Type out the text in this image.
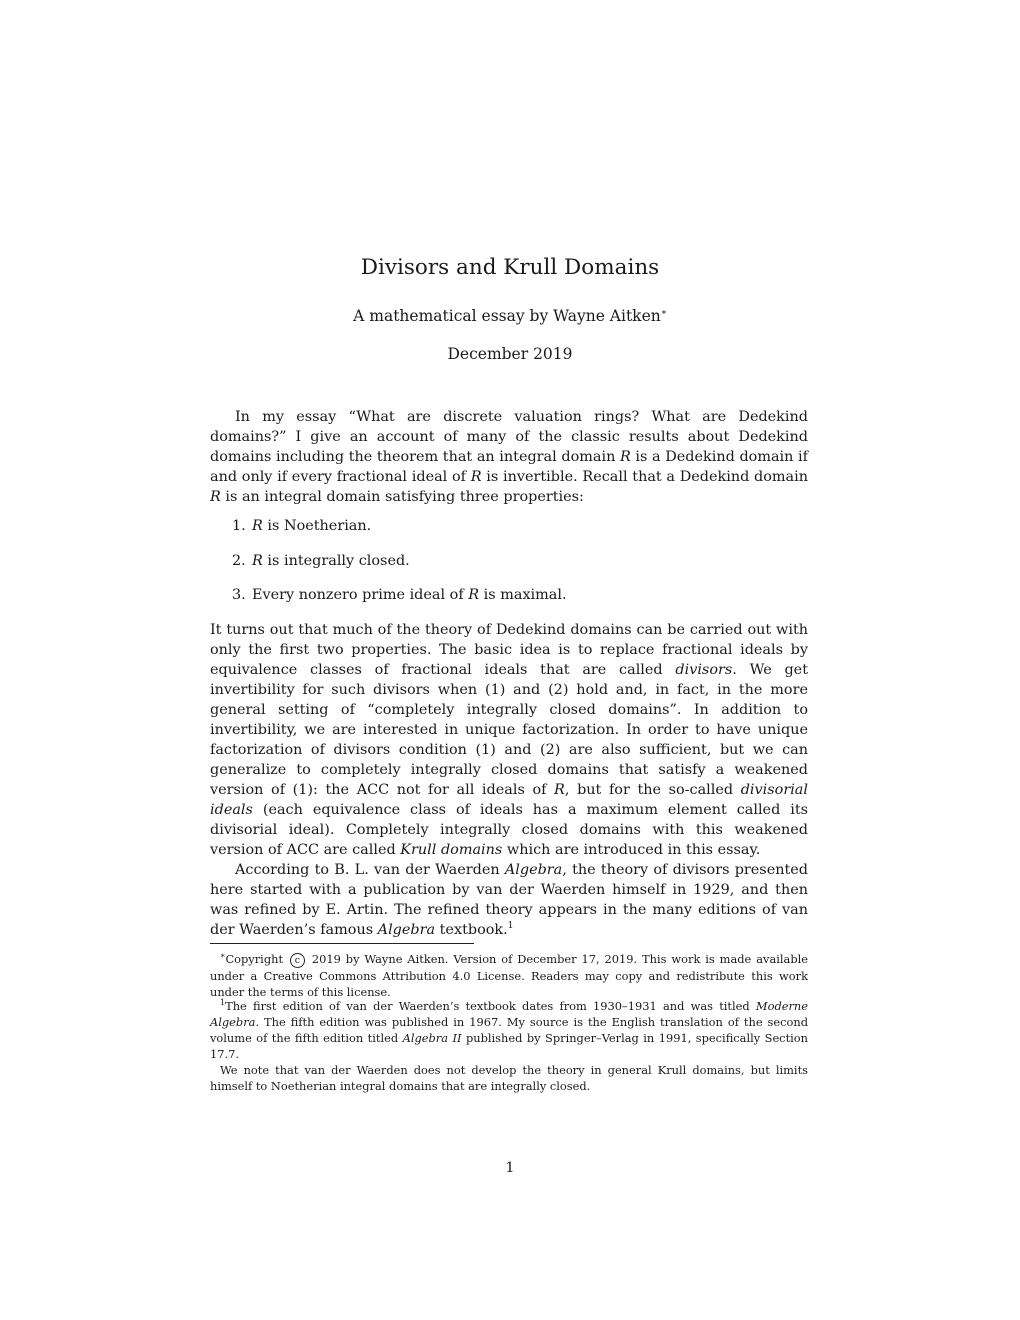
Divisors and Krull Domains
A mathematical essay by Wayne Aitken∗
December 2019
In my essay “What are discrete valuation rings? What are Dedekind domains?” I give an account of many of the classic results about Dedekind domains including the theorem that an integral domain R is a Dedekind domain if and only if every fractional ideal of R is invertible. Recall that a Dedekind domain R is an integral domain satisfying three properties:
1. R is Noetherian.
2. R is integrally closed.
3. Every nonzero prime ideal of R is maximal.
It turns out that much of the theory of Dedekind domains can be carried out with only the first two properties. The basic idea is to replace fractional ideals by equivalence classes of fractional ideals that are called divisors. We get invertibility for such divisors when (1) and (2) hold and, in fact, in the more general setting of “completely integrally closed domains”. In addition to invertibility, we are interested in unique factorization. In order to have unique factorization of divisors condition (1) and (2) are also sufficient, but we can generalize to completely integrally closed domains that satisfy a weakened version of (1): the ACC not for all ideals of R, but for the so-called divisorial ideals (each equivalence class of ideals has a maximum element called its divisorial ideal). Completely integrally closed domains with this weakened version of ACC are called Krull domains which are introduced in this essay.
According to B. L. van der Waerden Algebra, the theory of divisors presented here started with a publication by van der Waerden himself in 1929, and then was refined by E. Artin. The refined theory appears in the many editions of van der Waerden’s famous Algebra textbook.$^1$
∗Copyright c 2019 by Wayne Aitken. Version of December 17, 2019. This work is made available under a Creative Commons Attribution 4.0 License. Readers may copy and redistribute this work under the terms of this license.
$^1$The first edition of van der Waerden’s textbook dates from 1930–1931 and was titled Moderne Algebra. The fifth edition was published in 1967. My source is the English translation of the second volume of the fifth edition titled Algebra II published by Springer–Verlag in 1991, specifically Section 17.7.
We note that van der Waerden does not develop the theory in general Krull domains, but limits himself to Noetherian integral domains that are integrally closed.
1
